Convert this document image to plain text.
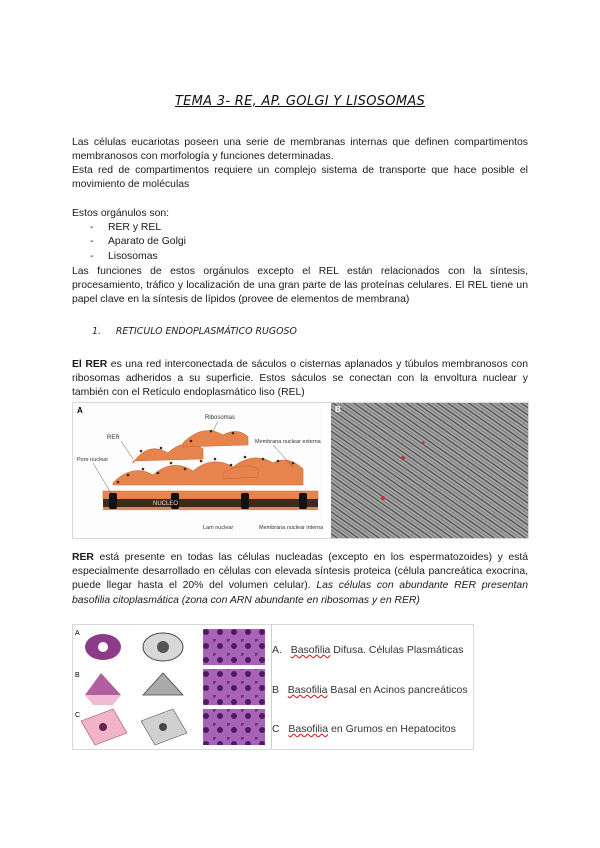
TEMA 3- RE, AP. GOLGI Y LISOSOMAS
Las células eucariotas poseen una serie de membranas internas que definen compartimentos membranosos con morfología y funciones determinadas.
Esta red de compartimentos requiere un complejo sistema de transporte que hace posible el movimiento de moléculas
Estos orgánulos son:
-	RER y REL
-	Aparato de Golgi
-	Lisosomas
Las funciones de estos orgánulos excepto el REL están relacionados con la síntesis, procesamiento, tráfico y localización de una gran parte de las proteínas celulares. El REL tiene un papel clave en la síntesis de lípidos (provee de elementos de membrana)
1. RETICULO ENDOPLASMÁTICO RUGOSO
El RER es una red interconectada de sáculos o cisternas aplanados y túbulos membranosos con ribosomas adheridos a su superficie. Estos sáculos se conectan con la envoltura nuclear y también con el Retículo endoplasmático liso (REL)
A
NUCLEO
RER
Ribosomas
Pore nuclear
Membrana nuclear externa
Lam nuclear	Membrana nuclear interna
B
RER está presente en todas las células nucleadas (excepto en los espermatozoides) y está especialmente desarrollado en células con elevada síntesis proteica (célula pancreática exocrina, puede llegar hasta el 20% del volumen celular). Las células con abundante RER presentan basofilia citoplasmática (zona con ARN abundante en ribosomas y en RER)
A
B
C
A. Basofilia Difusa. Células Plasmáticas
B Basofilia Basal en Acinos pancreáticos
C Basofilia en Grumos en Hepatocitos
